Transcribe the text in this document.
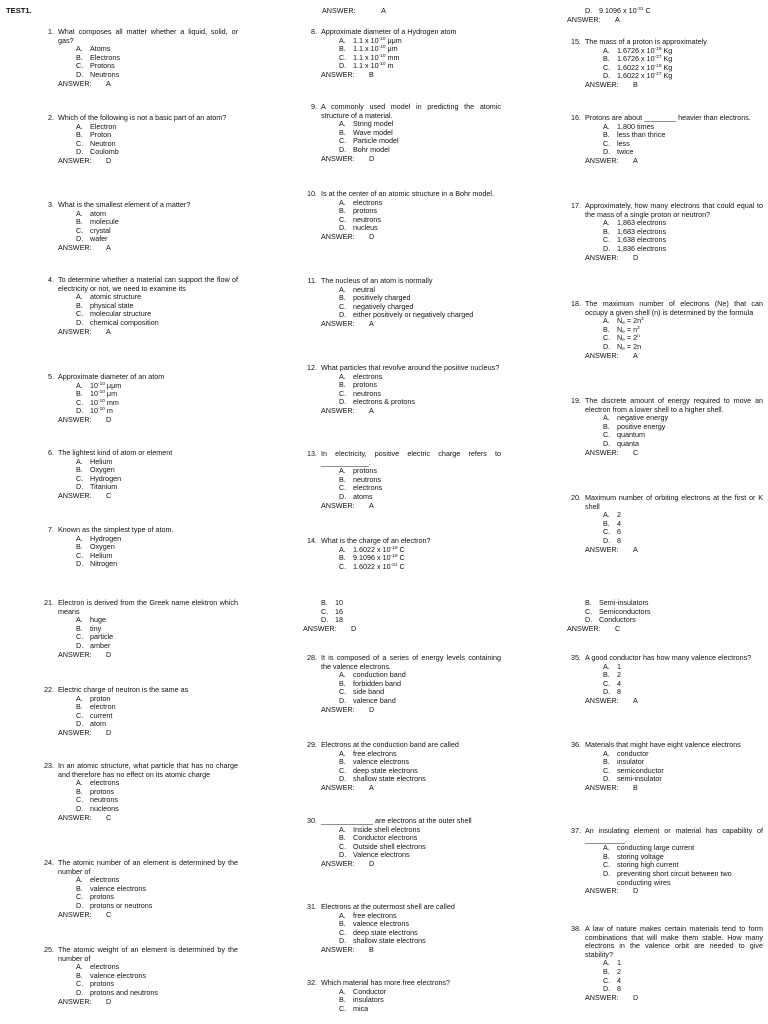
TEST1.	ANSWER:	A
1. What composes all matter whether a liquid, solid, or gas?
A.	Atoms
B.	Electrons
C. Protons
D. Neutrons
ANSWER: A
2. Which of the following is not a basic part of an atom?
A.	Electron
B.	Proton
C. Neutron
D. Coulomb
ANSWER: D
3. What is the smallest element of a matter?
A.	atom
B.	molecule
C. crystal
D. wafer
ANSWER: A
4. To determine whether a material can support the flow of electricity or not, we need to examine its
A.	atomic structure
B.	physical state
C. molecular structure
D. chemical composition
ANSWER: A
5. Approximate diameter of an atom
A.	$10^{-10}$ μμm
B.	$10^{-10}$ μm
C. $10^{-10}$ mm
D. $10^{-10}$ m
ANSWER: D
6. The lightest kind of atom or element
A.	Helium
B.	Oxygen
C. Hydrogen
D. Titanium
ANSWER: C
7. Known as the simplest type of atom.
A.	Hydrogen
B.	Oxygen
C. Helium
D. Nitrogen
8. Approximate diameter of a Hydrogen atom
A.	1.1 x $10^{-10}$ μμm
B.	1.1 x $10^{-10}$ μm
C. 1.1 x $10^{-10}$ mm
D. 1.1 x $10^{-10}$ m
ANSWER: B
9. A commonly used model in predicting the atomic structure of a material.
A.	String model
B.	Wave model
C. Particle model
D. Bohr model
ANSWER: D
10. Is at the center of an atomic structure in a Bohr model.
A.	electrons
B.	protons
C. neutrons
D. nucleus
ANSWER: D
11. The nucleus of an atom is normally
A.	neutral
B.	positively charged
C. negatively charged
D. either positively or negatively charged
ANSWER: A
12. What particles that revolve around the positive nucleus?
A.	electrons
B.	protons
C. neutrons
D. electrons & protons
ANSWER: A
13. In electricity, positive electric charge refers to ____________.
A.	protons
B.	neutrons
C. electrons
D. atoms
ANSWER: A
14. What is the charge of an electron?
A.	1.6022 x $10^{-19}$ C
B.	9.1096 x $10^{-19}$ C
C. 1.6022 x $10^{-31}$ C
D. 9.1096 x $10^{-31}$ C
ANSWER: A
15. The mass of a proton is approximately
A.	1.6726 x $10^{-19}$ Kg
B.	1.6726 x $10^{-27}$ Kg
C. 1.6022 x $10^{-19}$ Kg
D. 1.6022 x $10^{-27}$ Kg
ANSWER: B
16. Protons are about ________ heavier than electrons.
A.	1,800 times
B.	less than thrice
C. less
D. twice
ANSWER: A
17. Approximately, how many electrons that could equal to the mass of a single proton or neutron?
A.	1,863 electrons
B.	1,683 electrons
C. 1,638 electrons
D. 1,836 electrons
ANSWER: D
18. The maximum number of electrons (Ne) that can occupy a given shell (n) is determined by the formula
A.	$N_e = 2n^2$
B.	$N_e = n^2$
C. $N_e = 2^n$
D. $N_e = 2n$
ANSWER: A
19. The discrete amount of energy required to move an electron from a lower shell to a higher shell.
A.	negative energy
B.	positive energy
C. quantum
D. quanta
ANSWER: C
20. Maximum number of orbiting electrons at the first or K shell
A.	2
B.	4
C. 6
D. 8
ANSWER: A
21. Electron is derived from the Greek name elektron which means
A.	huge
B.	tiny
C. particle
D. amber
ANSWER: D
22. Electric charge of neutron is the same as
A.	proton
B.	electron
C. current
D. atom
ANSWER: D
23. In an atomic structure, what particle that has no charge and therefore has no effect on its atomic charge
A.	electrons
B.	protons
C. neutrons
D. nucleons
ANSWER: C
24. The atomic number of an element is determined by the number of
A.	electrons
B.	valence electrons
C. protons
D. protons or neutrons
ANSWER: C
25. The atomic weight of an element is determined by the number of
A.	electrons
B.	valence electrons
C. protons
D. protons and neutrons
ANSWER: D
B.	10
C. 16
D. 18
ANSWER: D
28. It is composed of a series of energy levels containing the valence electrons.
A.	conduction band
B.	forbidden band
C. side band
D. valence band
ANSWER: D
29. Electrons at the conduction band are called
A.	free electrons
B.	valence electrons
C. deep state electrons
D. shallow state electrons
ANSWER: A
30. _____________ are electrons at the outer shell
A.	Inside shell electrons
B.	Conductor electrons
C. Outside shell electrons
D. Valence electrons
ANSWER: D
31. Electrons at the outermost shell are called
A.	free electrons
B.	valence electrons
C. deep state electrons
D. shallow state electrons
ANSWER: B
32. Which material has more free electrons?
A.	Conductor
B.	insulators
C. mica
B.	Semi-insulators
C. Semiconductors
D. Conductors
ANSWER: C
35. A good conductor has how many valence electrons?
A.	1
B.	2
C. 4
D. 8
ANSWER: A
36. Materials that might have eight valence electrons
A.	conductor
B.	insulator
C. semiconductor
D. semi-insulator
ANSWER: B
37. An insulating element or material has capability of __________.
A.	conducting large current
B.	storing voltage
C. storing high current
D. preventing short circuit between two conducting wires
ANSWER: D
38. A law of nature makes certain materials tend to form combinations that will make them stable. How many electrons in the valence orbit are needed to give stability?
A.	1
B.	2
C. 4
D. 8
ANSWER: D
